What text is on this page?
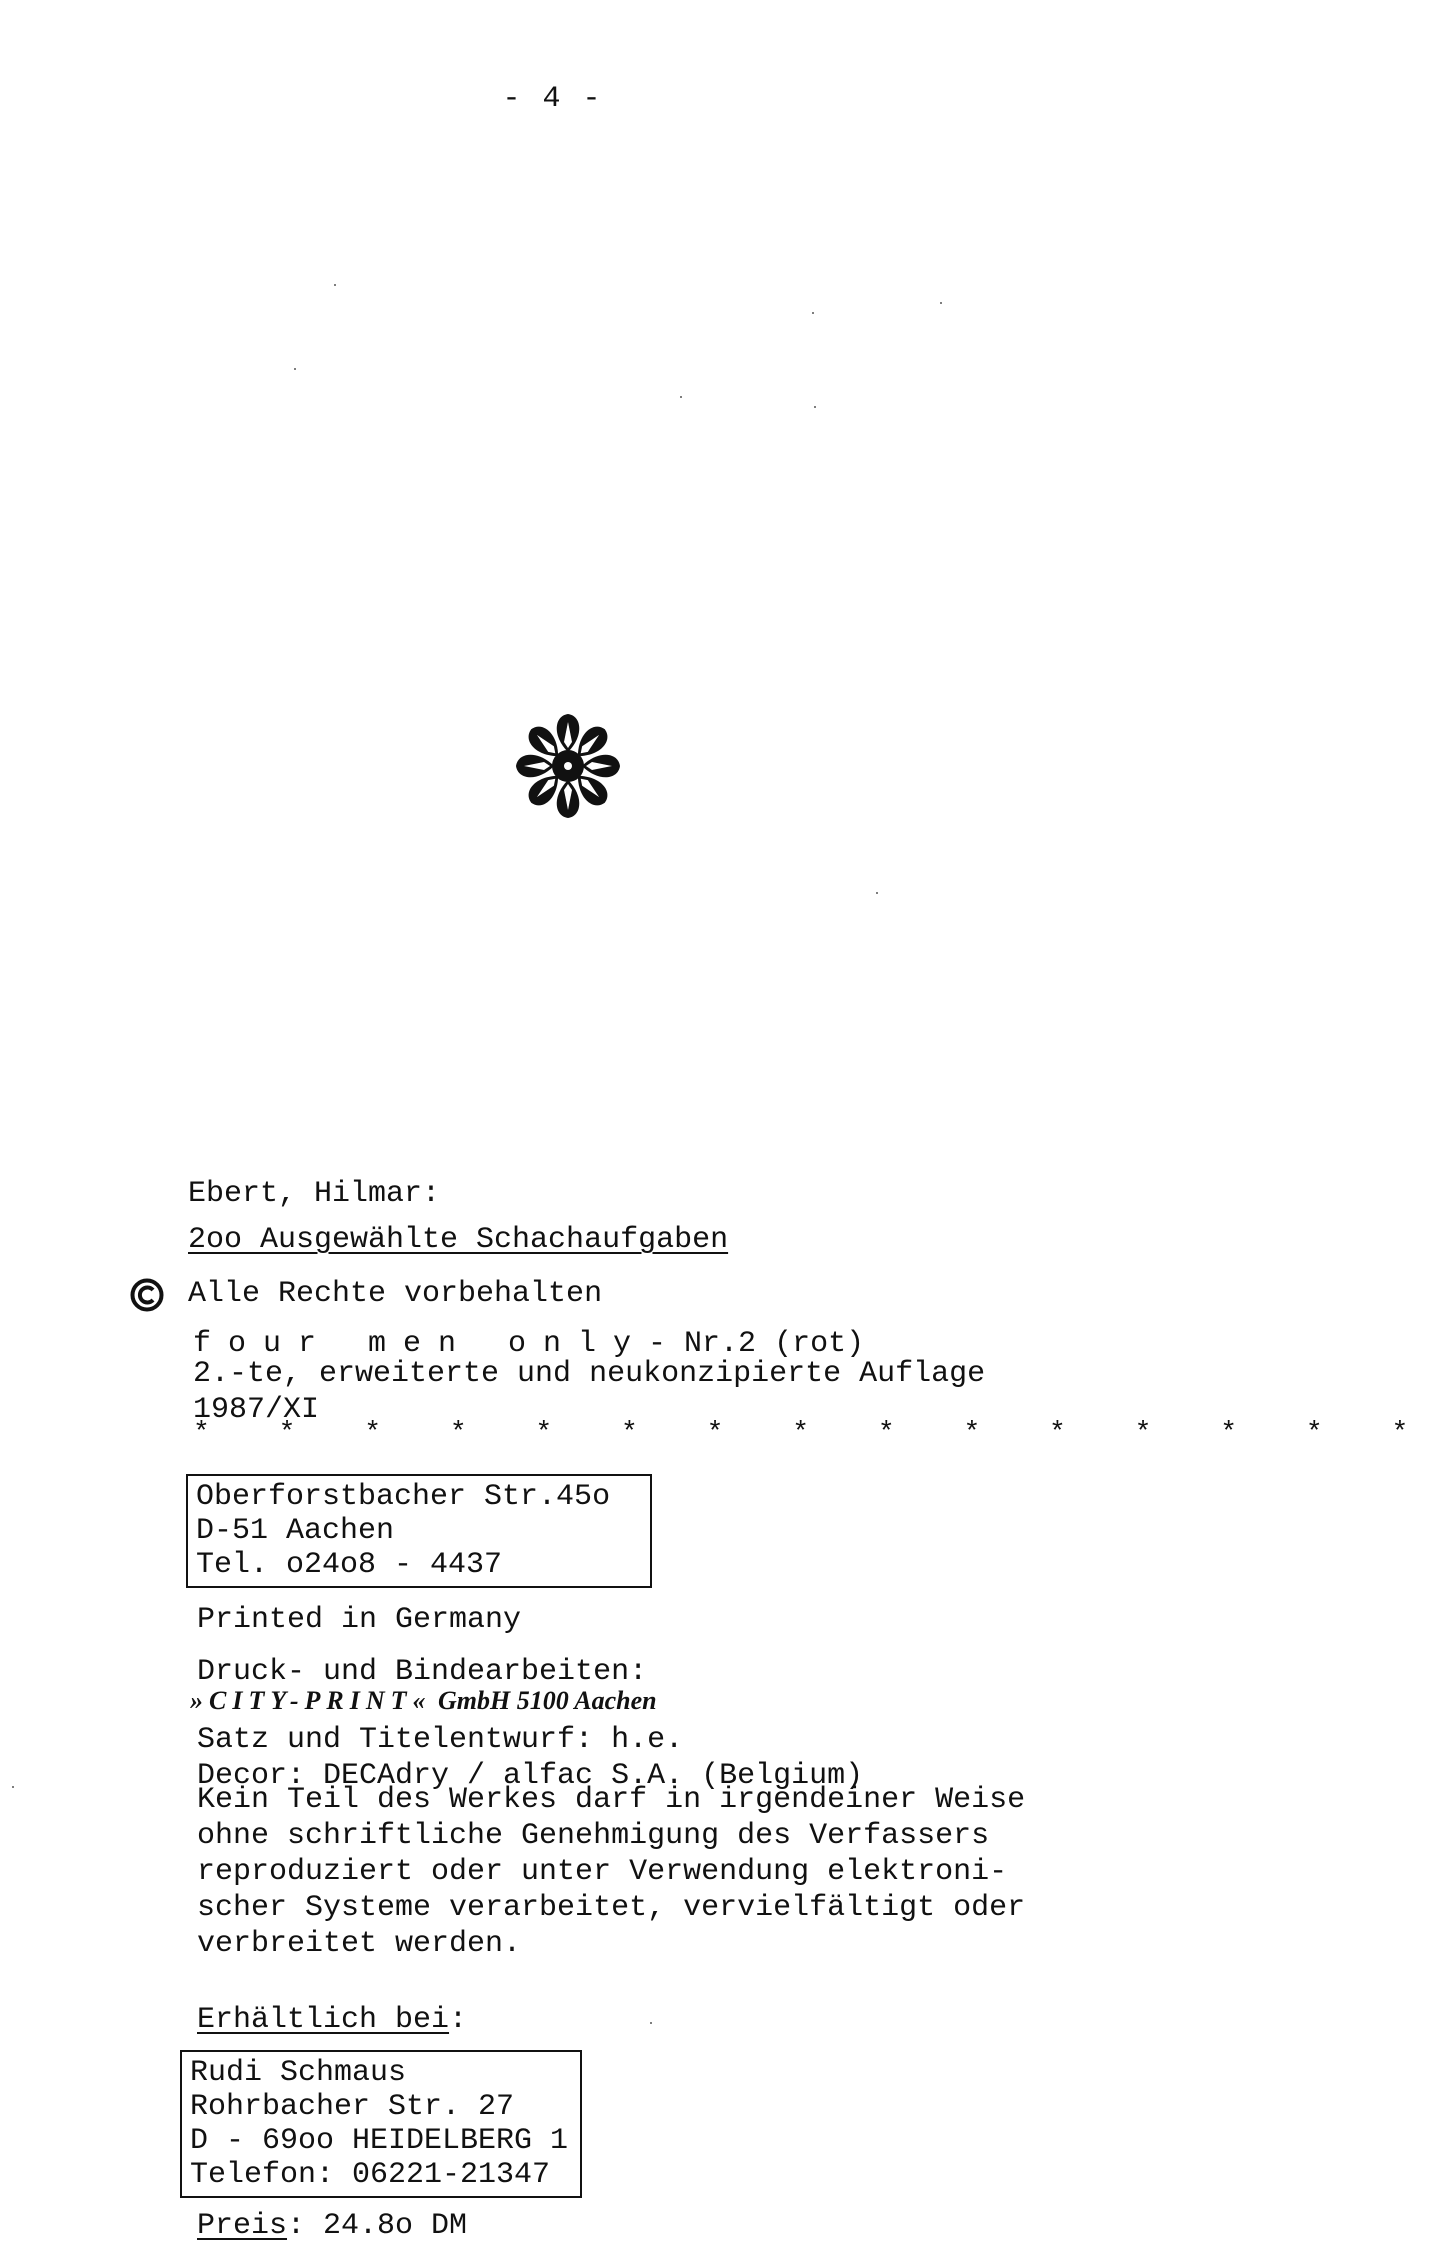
- 4 -
Ebert, Hilmar:
2oo Ausgewählte Schachaufgaben
Alle Rechte vorbehalten
four men only- Nr.2 (rot)
2.-te, erweiterte und neukonzipierte Auflage
1987/XI
* * * * * * * * * * * * * * *
Oberforstbacher Str.45o
D-51 Aachen
Tel. o24o8 - 4437
Printed in Germany
Druck- und Bindearbeiten:
»CITY-PRINT« GmbH 5100 Aachen
Satz und Titelentwurf: h.e.
Decor: DECAdry / alfac S.A. (Belgium)
Kein Teil des Werkes darf in irgendeiner Weise
ohne schriftliche Genehmigung des Verfassers
reproduziert oder unter Verwendung elektroni-
scher Systeme verarbeitet, vervielfältigt oder
verbreitet werden.
Erhältlich bei:
Rudi Schmaus
Rohrbacher Str. 27
D - 69oo HEIDELBERG 1
Telefon: 06221-21347
Preis: 24.8o DM
